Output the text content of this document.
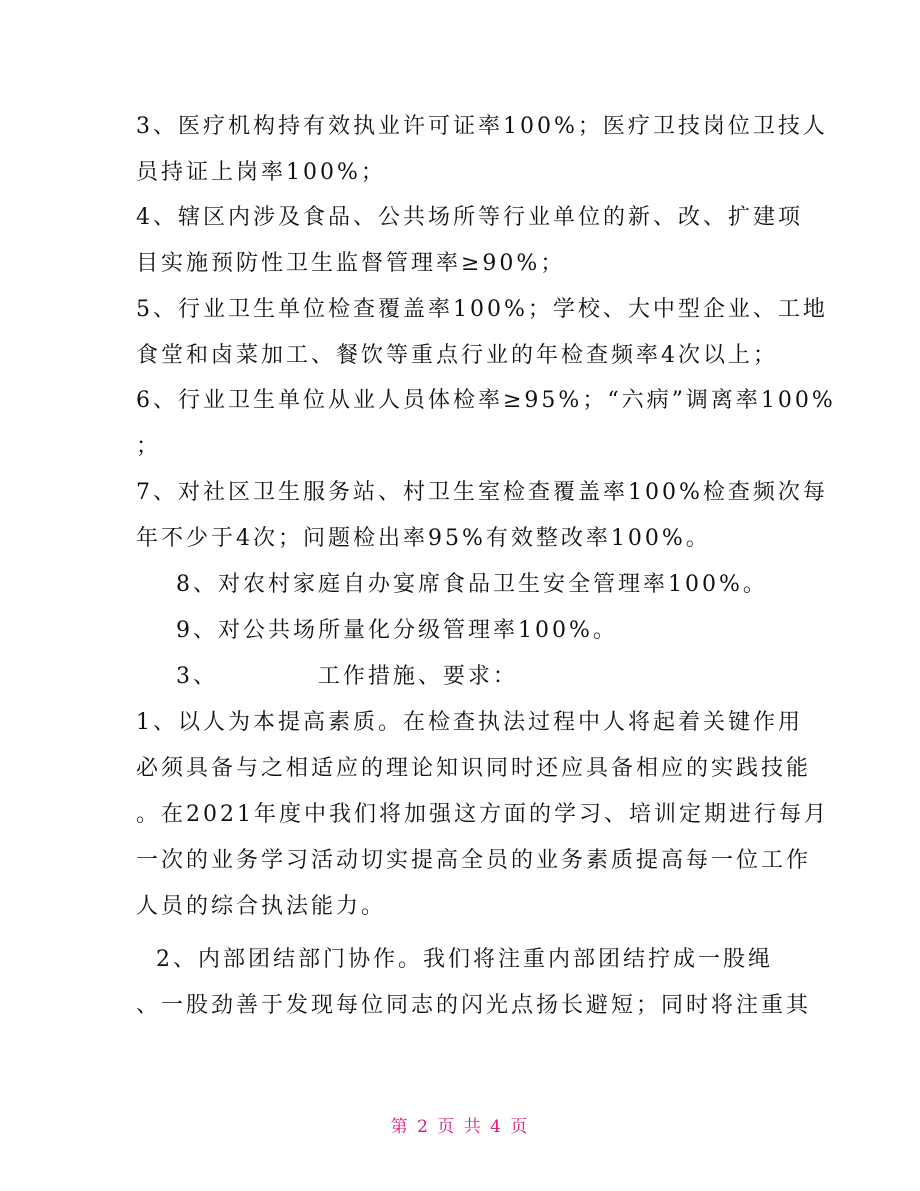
3、医疗机构持有效执业许可证率100%；医疗卫技岗位卫技人
员持证上岗率100%；
4、辖区内涉及食品、公共场所等行业单位的新、改、扩建项
目实施预防性卫生监督管理率≥90%；
5、行业卫生单位检查覆盖率100%；学校、大中型企业、工地
食堂和卤菜加工、餐饮等重点行业的年检查频率4次以上；
6、行业卫生单位从业人员体检率≥95%；“六病”调离率100%
；
7、对社区卫生服务站、村卫生室检查覆盖率100%检查频次每
年不少于4次；问题检出率95%有效整改率100%。
8、对农村家庭自办宴席食品卫生安全管理率100%。
9、对公共场所量化分级管理率100%。
3、          工作措施、要求：
1、以人为本提高素质。在检查执法过程中人将起着关键作用
必须具备与之相适应的理论知识同时还应具备相应的实践技能
。在2021年度中我们将加强这方面的学习、培训定期进行每月
一次的业务学习活动切实提高全员的业务素质提高每一位工作
人员的综合执法能力。
2、内部团结部门协作。我们将注重内部团结拧成一股绳
、一股劲善于发现每位同志的闪光点扬长避短；同时将注重其
第 2 页 共 4 页
